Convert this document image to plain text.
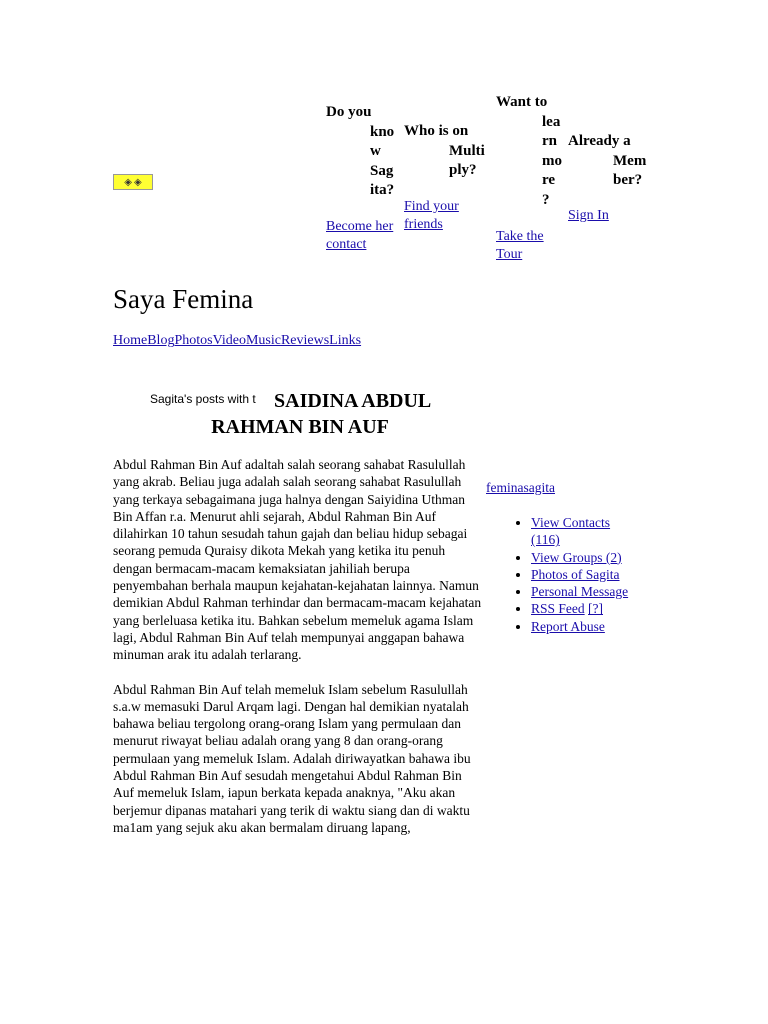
◈ ◈
Do you
kno
w
Sag
ita?
Become her
contact
Who is on
Multi
ply?
Find your
friends
Want to
lea
rn
mo
re
?
Take the
Tour
Already a
Mem
ber?
Sign In
Saya Femina
HomeBlogPhotosVideoMusicReviewsLinks
Sagita's posts with t SAIDINA ABDUL
RAHMAN BIN AUF

Abdul Rahman Bin Auf adaltah salah seorang sahabat Rasulullah yang akrab. Beliau juga adalah salah seorang sahabat Rasulullah yang terkaya sebagaimana juga halnya dengan Saiyidina Uthman Bin Affan r.a. Menurut ahli sejarah, Abdul Rahman Bin Auf dilahirkan 10 tahun sesudah tahun gajah dan beliau hidup sebagai seorang pemuda Quraisy dikota Mekah yang ketika itu penuh dengan bermacam-macam kemaksiatan jahiliah berupa penyembahan berhala maupun kejahatan-kejahatan lainnya. Namun demikian Abdul Rahman terhindar dan bermacam-macam kejahatan yang berleluasa ketika itu. Bahkan sebelum memeluk agama Islam lagi, Abdul Rahman Bin Auf telah mempunyai anggapan bahawa minuman arak itu adalah terlarang.

Abdul Rahman Bin Auf telah memeluk Islam sebelum Rasulullah s.a.w memasuki Darul Arqam lagi. Dengan hal demikian nyatalah bahawa beliau tergolong orang-orang Islam yang permulaan dan menurut riwayat beliau adalah orang yang 8 dan orang-orang permulaan yang memeluk Islam. Adalah diriwayatkan bahawa ibu Abdul Rahman Bin Auf sesudah mengetahui Abdul Rahman Bin Auf memeluk Islam, iapun berkata kepada anaknya, "Aku akan berjemur dipanas matahari yang terik di waktu siang dan di waktu ma1am yang sejuk aku akan bermalam diruang lapang,

feminasagita
• View Contacts
(116)
• View Groups (2)
• Photos of Sagita
• Personal Message
• RSS Feed [?]
• Report Abuse
